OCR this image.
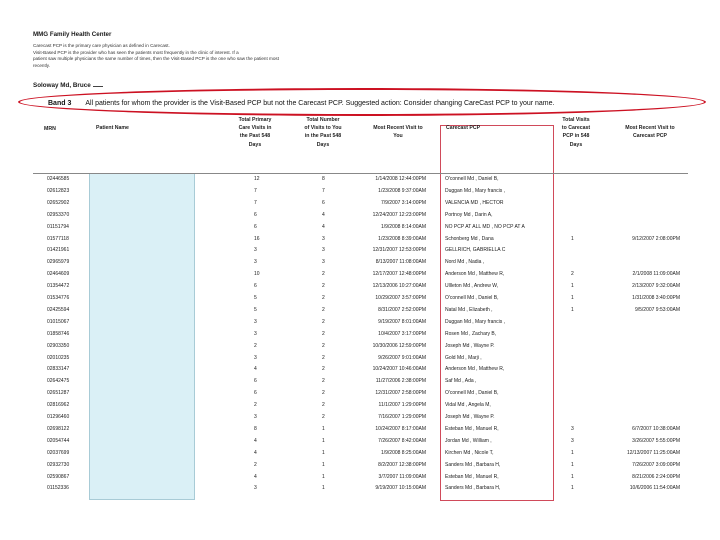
MMG Family Health Center
Carecast PCP is the primary care physician as defined in Carecast.
Visit-Based PCP is the provider who has seen the patients most frequently in the clinic of interest. If a
patient saw multiple physicians the same number of times, then the Visit-Based PCP is the one who saw the patient most
recently.
Soloway Md, Bruce
Band 3 All patients for whom the provider is the Visit-Based PCP but not the Carecast PCP. Suggested action: Consider changing CareCast PCP to your name.
MRN	Patient Name
Total Primary
Care Visits in
the Past 548
Days
Total Number
of Visits to You
in the Past 548
Days
Most Recent Visit to
You
Carecast PCP
Total Visits
to Carecast
PCP in 548
Days
Most Recent Visit to
Carecast PCP
02446585	12	8	1/14/2008 12:44:00PM	O'connell Md , Daniel B,
02612823	7	7	1/23/2008 9:37:00AM	Duggan Md , Mary francis ,
02652902	7	6	7/9/2007 3:14:00PM	VALENCIA MD , HECTOR
02953370	6	4	12/24/2007 12:23:00PM	Portnoy Md , Darin A,
01151794	6	4	1/9/2008 8:14:00AM	NO PCP AT ALL MD , NO PCP AT A
01577118	16	3	1/23/2008 8:39:00AM	Schonberg Md , Dana	1	9/12/2007 2:08:00PM
01421961	3	3	12/31/2007 12:53:00PM	GELLRICH, GABRIELLA C
02965979	3	3	8/13/2007 11:08:00AM	Nord Md , Nadia ,
02464609	10	2	12/17/2007 12:48:00PM	Anderson Md , Matthew R,	2	2/1/2008 11:09:00AM
01354472	6	2	12/13/2006 10:27:00AM	Ullleton Md , Andrew W,	1	2/13/2007 9:32:00AM
01534776	5	2	10/29/2007 3:57:00PM	O'connell Md , Daniel B,	1	1/31/2008 3:40:00PM
02425594	5	2	8/31/2007 2:52:00PM	Natal Md , Elizabeth ,	1	9/5/2007 9:53:00AM
01015067	3	2	9/19/2007 8:01:00AM	Duggan Md , Mary francis ,
01858746	3	2	10/4/2007 3:17:00PM	Rosen Md , Zachary B,
02903350	2	2	10/30/2006 12:59:00PM	Joseph Md , Wayne P.
02010235	3	2	9/26/2007 9:01:00AM	Gold Md , Marji ,
02833147	4	2	10/24/2007 10:46:00AM	Anderson Md , Matthew R,
02642475	6	2	11/27/2006 2:38:00PM	Saf Md , Ada ,
02651287	6	2	12/31/2007 2:58:00PM	O'connell Md , Daniel B,
02816962	2	2	11/1/2007 1:29:00PM	Vidal Md , Angela M,
01296460	3	2	7/16/2007 1:29:00PM	Joseph Md , Wayne P.
02698122	8	1	10/24/2007 8:17:00AM	Esteban Md , Manuel R,	3	6/7/2007 10:38:00AM
02054744	4	1	7/26/2007 8:42:00AM	Jordan Md , William ,	3	3/26/2007 5:55:00PM
02037699	4	1	1/9/2008 8:25:00AM	Kirchen Md , Nicole T,	1	12/13/2007 11:25:00AM
02932730	2	1	8/2/2007 12:38:00PM	Sanders Md , Barbara H,	1	7/26/2007 3:09:00PM
02590867	4	1	3/7/2007 11:09:00AM	Esteban Md , Manuel R,	1	8/21/2006 2:24:00PM
01152336	3	1	9/19/2007 10:15:00AM	Sanders Md , Barbara H,	1	10/6/2006 11:54:00AM
